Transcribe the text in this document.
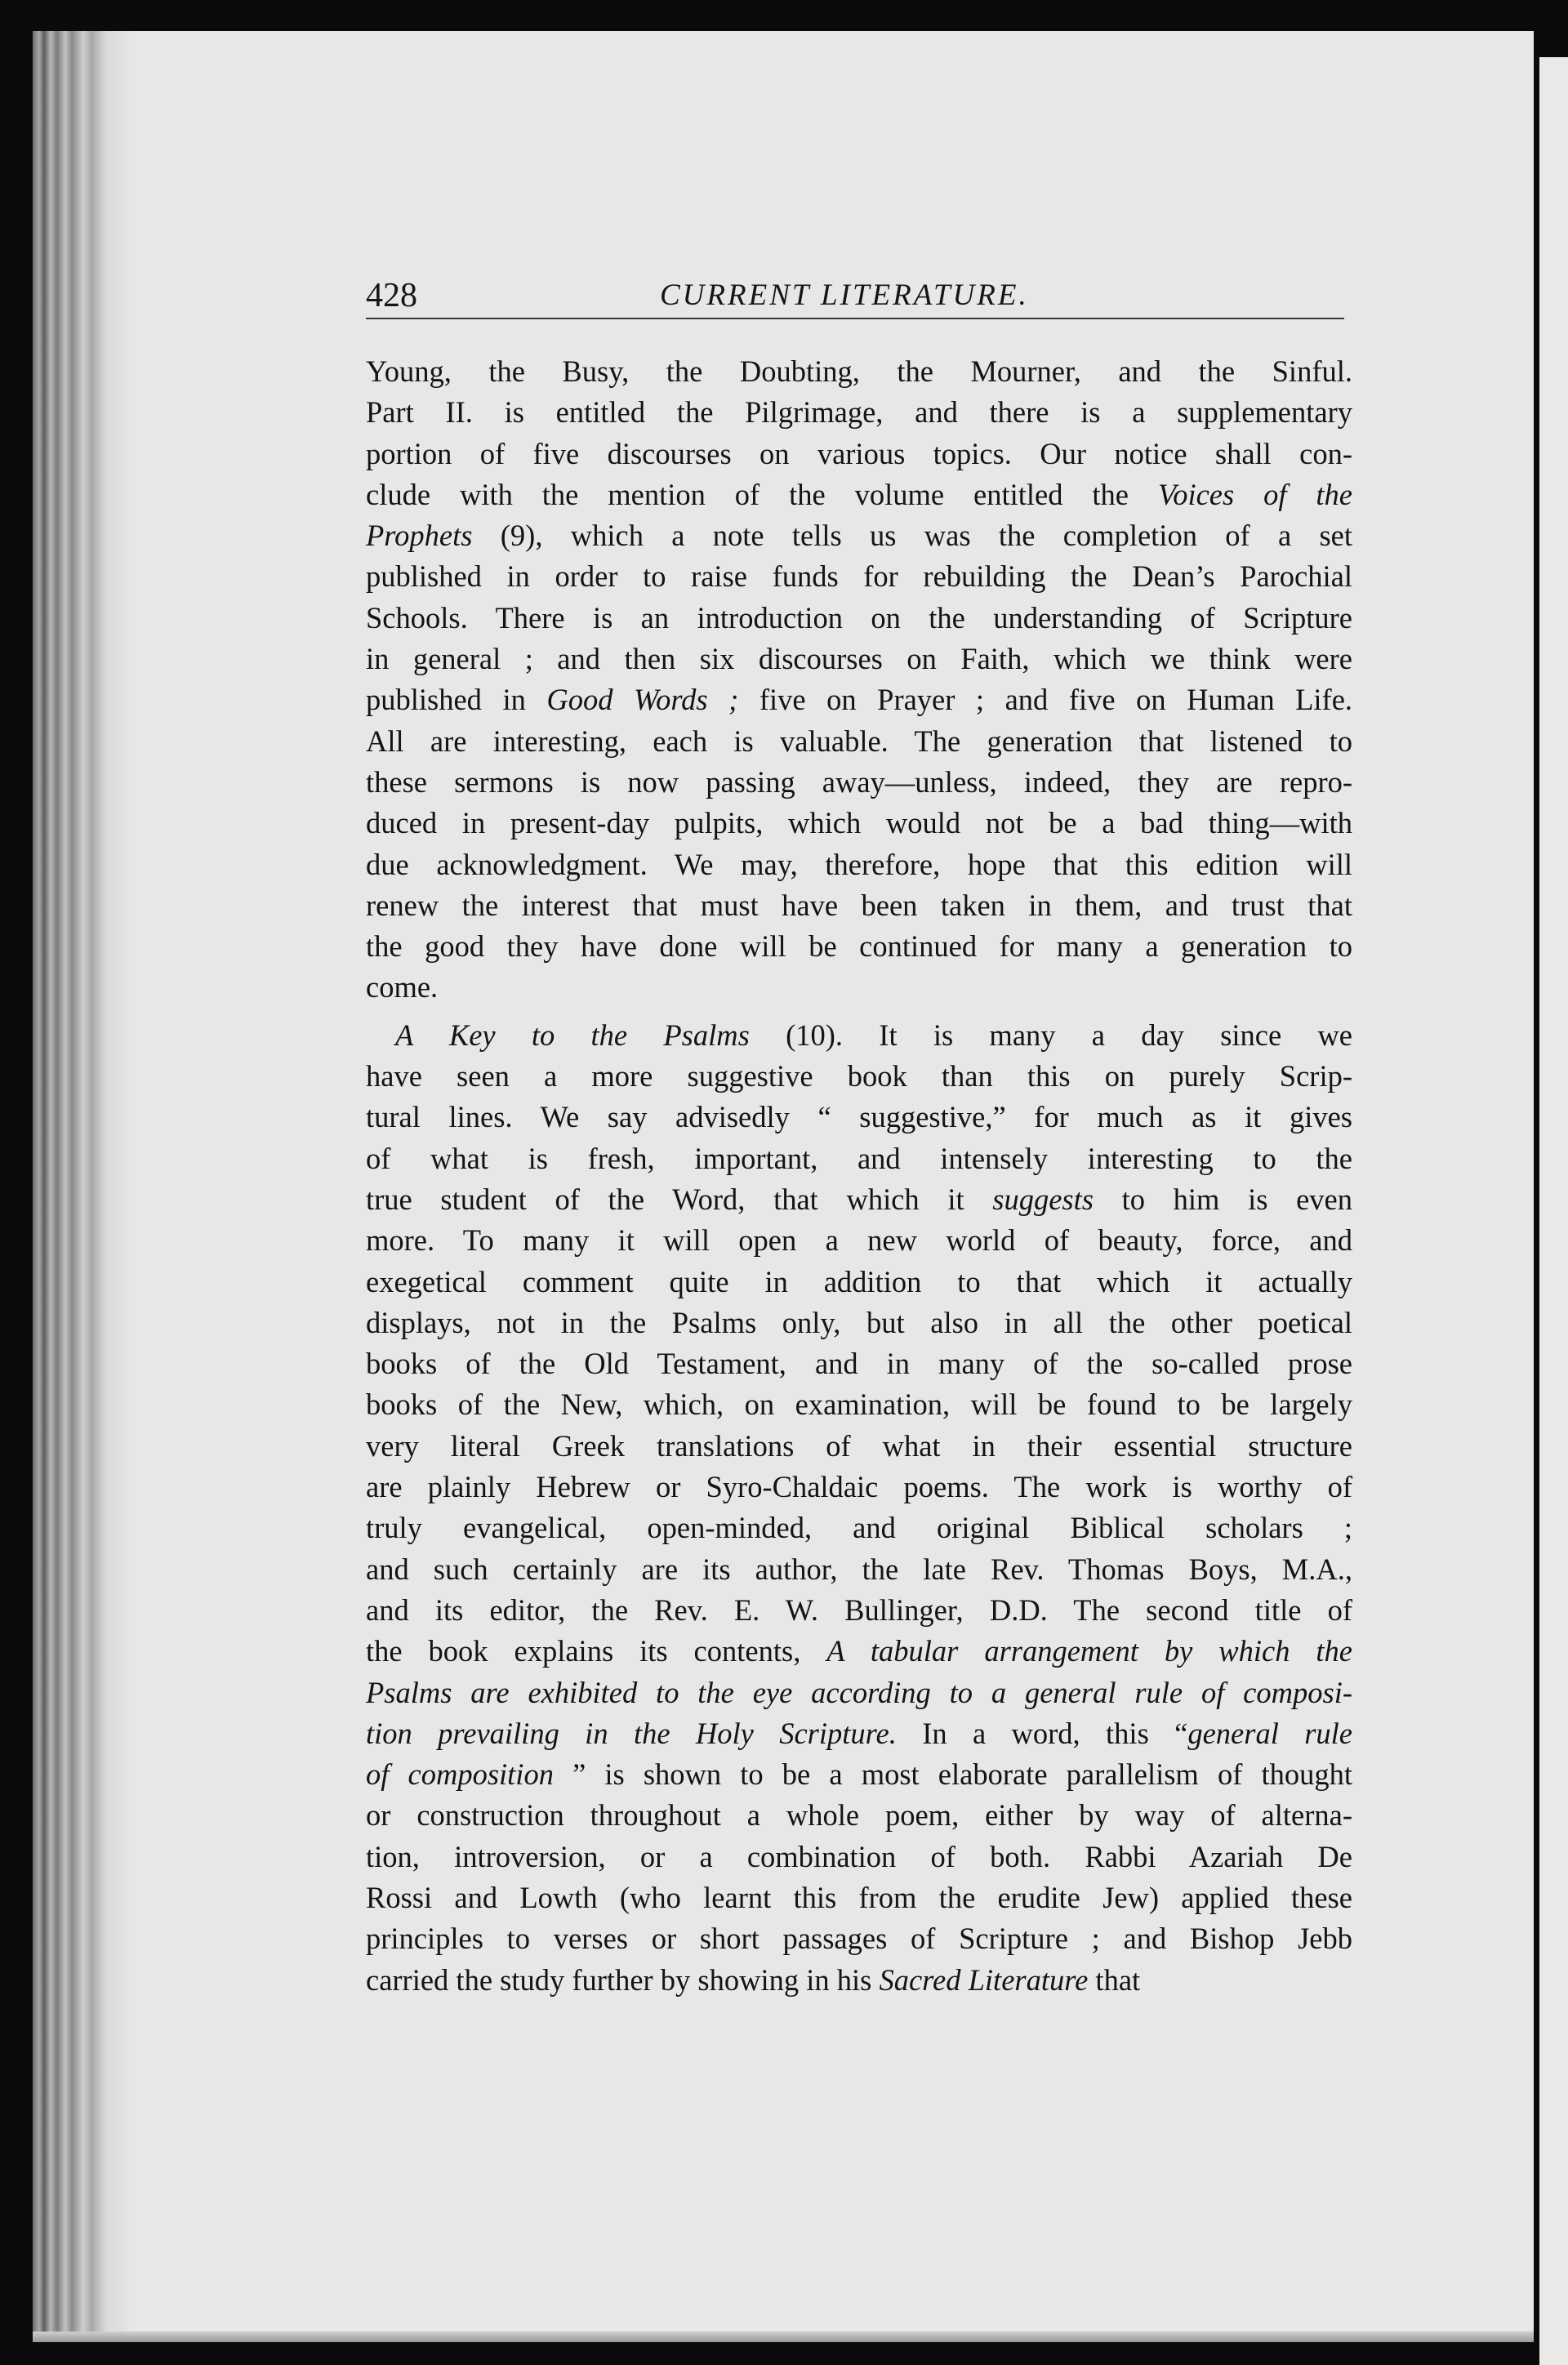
428	CURRENT LITERATURE.
Young, the Busy, the Doubting, the Mourner, and the Sinful.
Part II. is entitled the Pilgrimage, and there is a supplementary
portion of five discourses on various topics. Our notice shall con-
clude with the mention of the volume entitled the Voices of the
Prophets (9), which a note tells us was the completion of a set
published in order to raise funds for rebuilding the Dean’s Parochial
Schools. There is an introduction on the understanding of Scripture
in general ; and then six discourses on Faith, which we think were
published in Good Words ; five on Prayer ; and five on Human Life.
All are interesting, each is valuable. The generation that listened to
these sermons is now passing away—unless, indeed, they are repro-
duced in present-day pulpits, which would not be a bad thing—with
due acknowledgment. We may, therefore, hope that this edition will
renew the interest that must have been taken in them, and trust that
the good they have done will be continued for many a generation to
come.
A Key to the Psalms (10). It is many a day since we
have seen a more suggestive book than this on purely Scrip-
tural lines. We say advisedly “ suggestive,” for much as it gives
of what is fresh, important, and intensely interesting to the
true student of the Word, that which it suggests to him is even
more. To many it will open a new world of beauty, force, and
exegetical comment quite in addition to that which it actually
displays, not in the Psalms only, but also in all the other poetical
books of the Old Testament, and in many of the so-called prose
books of the New, which, on examination, will be found to be largely
very literal Greek translations of what in their essential structure
are plainly Hebrew or Syro-Chaldaic poems. The work is worthy of
truly evangelical, open-minded, and original Biblical scholars ;
and such certainly are its author, the late Rev. Thomas Boys, M.A.,
and its editor, the Rev. E. W. Bullinger, D.D. The second title of
the book explains its contents, A tabular arrangement by which the
Psalms are exhibited to the eye according to a general rule of composi-
tion prevailing in the Holy Scripture. In a word, this “general rule
of composition ” is shown to be a most elaborate parallelism of thought
or construction throughout a whole poem, either by way of alterna-
tion, introversion, or a combination of both. Rabbi Azariah De
Rossi and Lowth (who learnt this from the erudite Jew) applied these
principles to verses or short passages of Scripture ; and Bishop Jebb
carried the study further by showing in his Sacred Literature that
